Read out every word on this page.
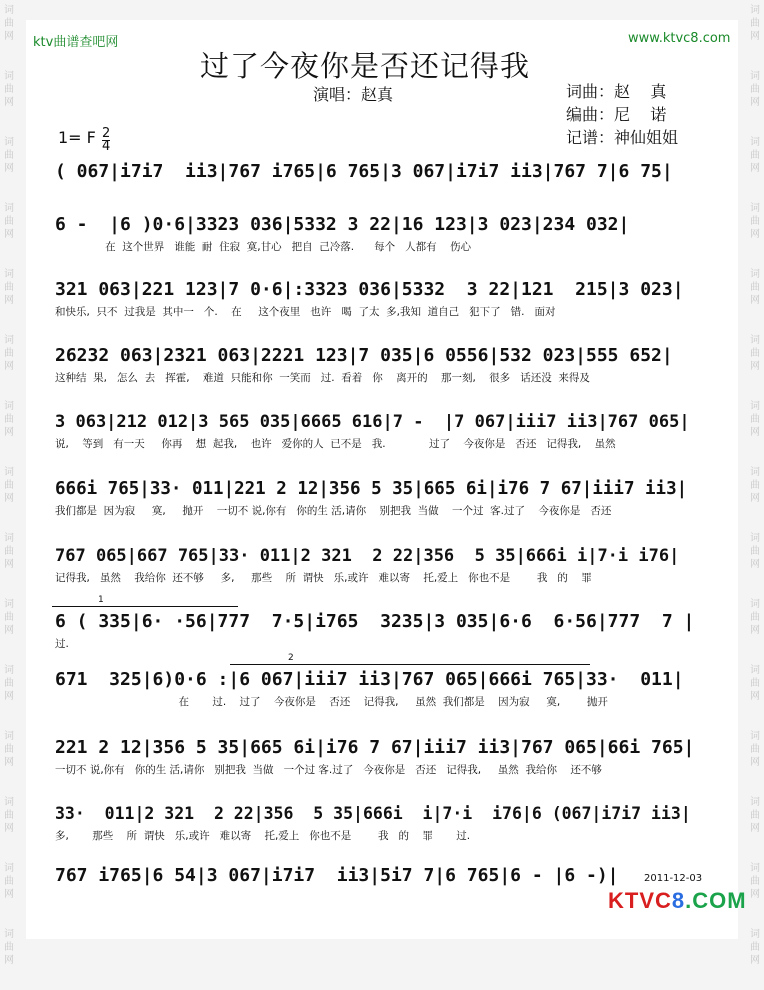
词
曲
网
词
曲
网
词
曲
网
词
曲
网
词
曲
网
词
曲
网
词
曲
网
词
曲
网
词
曲
网
词
曲
网
词
曲
网
词
曲
网
词
曲
网
词
曲
网
词
曲
网
词
曲
网
词
曲
网
词
曲
网
词
曲
网
词
曲
网
词
曲
网
词
曲
网
词
曲
网
词
曲
网
词
曲
网
词
曲
网
词
曲
网
词
曲
网
词
曲
网
词
曲
网
ktv曲谱查吧网	www.ktvc8.com
过了今夜你是否还记得我
演唱：赵真	词曲：赵    真
编曲：尼    诺
记谱：神仙姐姐
1= F 2
4
( 067|i7i7  ii3|767 i765|6 765|3 067|i7i7 ii3|767 7|6 75|
6 -  |6 )0·6|3323 036|5332 3 22|16 123|3 023|234 032|
在  这个世界   谁能  耐  住寂  寞,甘心   把自  己冷落.      每个   人都有    伤心
321 063|221 123|7 0·6|:3323 036|5332  3 22|121  215|3 023|
和快乐,  只不  过我是  其中一   个.    在     这个夜里   也许   喝  了太  多,我知  道自己   犯下了   错.   面对
26232 063|2321 063|2221 123|7 035|6 0556|532 023|555 652|
这种结  果,   怎么  去   挥霍,    难道  只能和你  一笑而   过.  看着   你    离开的    那一刻,    很多   话还没  来得及
3 063|212 012|3 565 035|6665 616|7 -  |7 067|iii7 ii3|767 065|
说,    等到   有一天     你再    想  起我,    也许   爱你的人  已不是   我.             过了    今夜你是   否还   记得我,    虽然
666i 765|33· 011|221 2 12|356 5 35|665 6i|i76 7 67|iii7 ii3|
我们都是  因为寂     寞,     抛开    一切不 说,你有   你的生 活,请你    别把我  当做    一个过  客.过了    今夜你是   否还
767 065|667 765|33· 011|2 321  2 22|356  5 35|666i i|7·i i76|
记得我,   虽然    我给你  还不够     多,     那些    所  谓快   乐,或许   难以寄    托,爱上   你也不是        我   的    罪
6 ( 335|6· ·56|777  7·5|i765  3235|3 035|6·6  6·56|777  7 |
过.
671  325|6)0·6 :|6 067|iii7 ii3|767 065|666i 765|33·  011|
在       过.    过了    今夜你是    否还    记得我,     虽然  我们都是    因为寂     寞,        抛开
221 2 12|356 5 35|665 6i|i76 7 67|iii7 ii3|767 065|66i 765|
一切不 说,你有   你的生 活,请你   别把我  当做   一个过 客.过了   今夜你是   否还   记得我,     虽然  我给你    还不够
33·  011|2 321  2 22|356  5 35|666i  i|7·i  i76|6 (067|i7i7 ii3|
多,       那些    所  谓快   乐,或许   难以寄    托,爱上   你也不是        我   的    罪       过.
767 i765|6 54|3 067|i7i7  ii3|5i7 7|6 765|6 - |6 -)|
1
2
2011-12-03
KTVC8.COM
